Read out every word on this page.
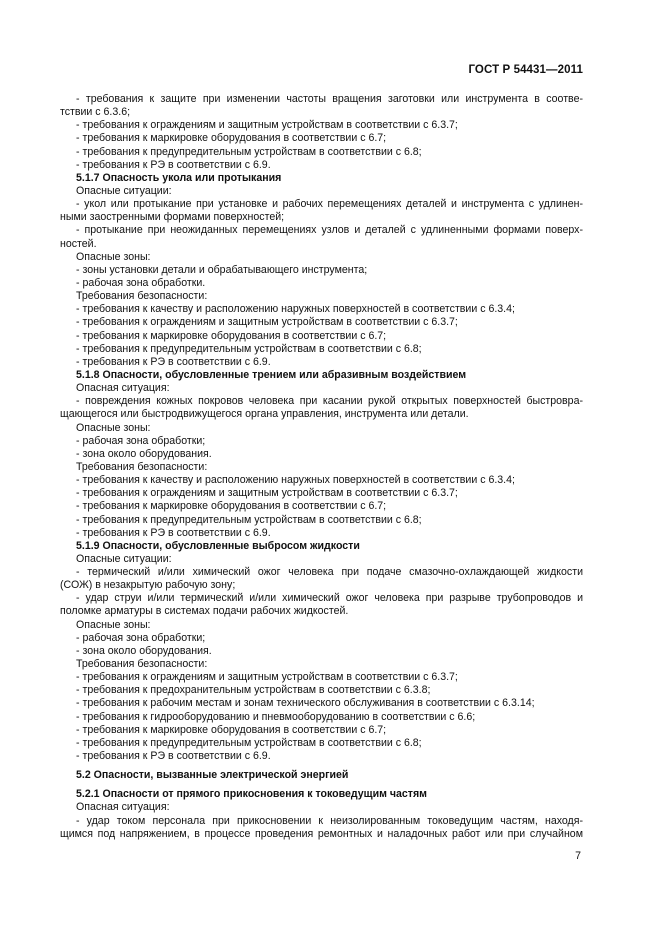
ГОСТ Р 54431—2011
- требования к защите при изменении частоты вращения заготовки или инструмента в соотве-
тствии с 6.3.6;
- требования к ограждениям и защитным устройствам в соответствии с 6.3.7;
- требования к маркировке оборудования в соответствии с 6.7;
- требования к предупредительным устройствам в соответствии с 6.8;
- требования к РЭ в соответствии с 6.9.
5.1.7 Опасность укола или протыкания
Опасные ситуации:
- укол или протыкание при установке и рабочих перемещениях деталей и инструмента с удлинен-
ными заостренными формами поверхностей;
- протыкание при неожиданных перемещениях узлов и деталей с удлиненными формами поверх-
ностей.
Опасные зоны:
- зоны установки детали и обрабатывающего инструмента;
- рабочая зона обработки.
Требования безопасности:
- требования к качеству и расположению наружных поверхностей в соответствии с 6.3.4;
- требования к ограждениям и защитным устройствам в соответствии с 6.3.7;
- требования к маркировке оборудования в соответствии с 6.7;
- требования к предупредительным устройствам в соответствии с 6.8;
- требования к РЭ в соответствии с 6.9.
5.1.8 Опасности, обусловленные трением или абразивным воздействием
Опасная ситуация:
- повреждения кожных покровов человека при касании рукой открытых поверхностей быстровра-
щающегося или быстродвижущегося органа управления, инструмента или детали.
Опасные зоны:
- рабочая зона обработки;
- зона около оборудования.
Требования безопасности:
- требования к качеству и расположению наружных поверхностей в соответствии с 6.3.4;
- требования к ограждениям и защитным устройствам в соответствии с 6.3.7;
- требования к маркировке оборудования в соответствии с 6.7;
- требования к предупредительным устройствам в соответствии с 6.8;
- требования к РЭ в соответствии с 6.9.
5.1.9 Опасности, обусловленные выбросом жидкости
Опасные ситуации:
- термический и/или химический ожог человека при подаче смазочно-охлаждающей жидкости
(СОЖ) в незакрытую рабочую зону;
- удар струи и/или термический и/или химический ожог человека при разрыве трубопроводов и
поломке арматуры в системах подачи рабочих жидкостей.
Опасные зоны:
- рабочая зона обработки;
- зона около оборудования.
Требования безопасности:
- требования к ограждениям и защитным устройствам в соответствии с 6.3.7;
- требования к предохранительным устройствам в соответствии с 6.3.8;
- требования к рабочим местам и зонам технического обслуживания в соответствии с 6.3.14;
- требования к гидрооборудованию и пневмооборудованию в соответствии с 6.6;
- требования к маркировке оборудования в соответствии с 6.7;
- требования к предупредительным устройствам в соответствии с 6.8;
- требования к РЭ в соответствии с 6.9.
5.2 Опасности, вызванные электрической энергией
5.2.1 Опасности от прямого прикосновения к токоведущим частям
Опасная ситуация:
- удар током персонала при прикосновении к неизолированным токоведущим частям, находя-
щимся под напряжением, в процессе проведения ремонтных и наладочных работ или при случайном
7
